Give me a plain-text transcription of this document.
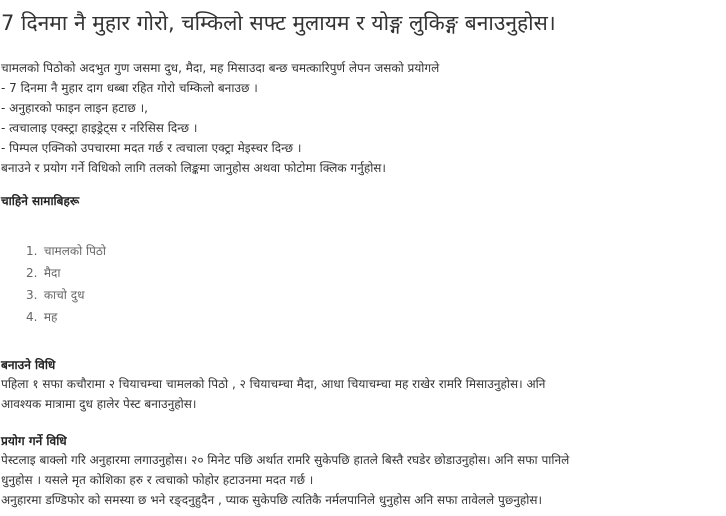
7 दिनमा नै मुहार गोरो, चम्किलो सफ्ट मुलायम र योङ्ग लुकिङ्ग बनाउनुहोस।
चामलको पिठोको अदभुत गुण जसमा दुध, मैदा, मह मिसाउदा बन्छ चमत्कारिपुर्ण लेपन जसको प्रयोगले
- 7 दिनमा नै मुहार दाग धब्बा रहित गोरो चम्किलो बनाउछ ।
- अनुहारको फाइन लाइन हटाछ ।,
- त्वचालाइ एक्स्ट्रा हाइड्रेट्स र नरिसिस दिन्छ ।
- पिम्पल एक्निको उपचारमा मदत गर्छ र त्वचाला एक्ट्रा मेइस्चर दिन्छ ।
बनाउने र प्रयोग गर्ने विधिको लागि तलको लिङ्कमा जानुहोस अथवा फोटोमा क्लिक गर्नुहोस।
चाहिने सामाबिहरू
1. चामलको पिठो
2. मैदा
3. काचो दुध
4. मह
बनाउने विधि
पहिला १ सफा कचौरामा २ चियाचम्चा चामलको पिठो , २ चियाचम्चा मैदा, आधा चियाचम्चा मह राखेर रामरि मिसाउनुहोस। अनि
आवश्यक मात्रामा दुध हालेर पेस्ट बनाउनुहोस।
प्रयोग गर्ने विधि
पेस्टलाइ बाक्लो गरि अनुहारमा लगाउनुहोस। २० मिनेट पछि अर्थात रामरि सुकेपछि हातले बिस्तै रघडेर छोडाउनुहोस। अनि सफा पानिले
धुनुहोस । यसले मृत कोशिका हरु र त्वचाको फोहोर हटाउनमा मदत गर्छ ।
अनुहारमा डण्डिफोर को समस्या छ भने रङ्दनुहुदैन , प्याक सुकेपछि त्यतिकै नर्मलपानिले धुनुहोस अनि सफा तावेलले पुछ्नुहोस।
